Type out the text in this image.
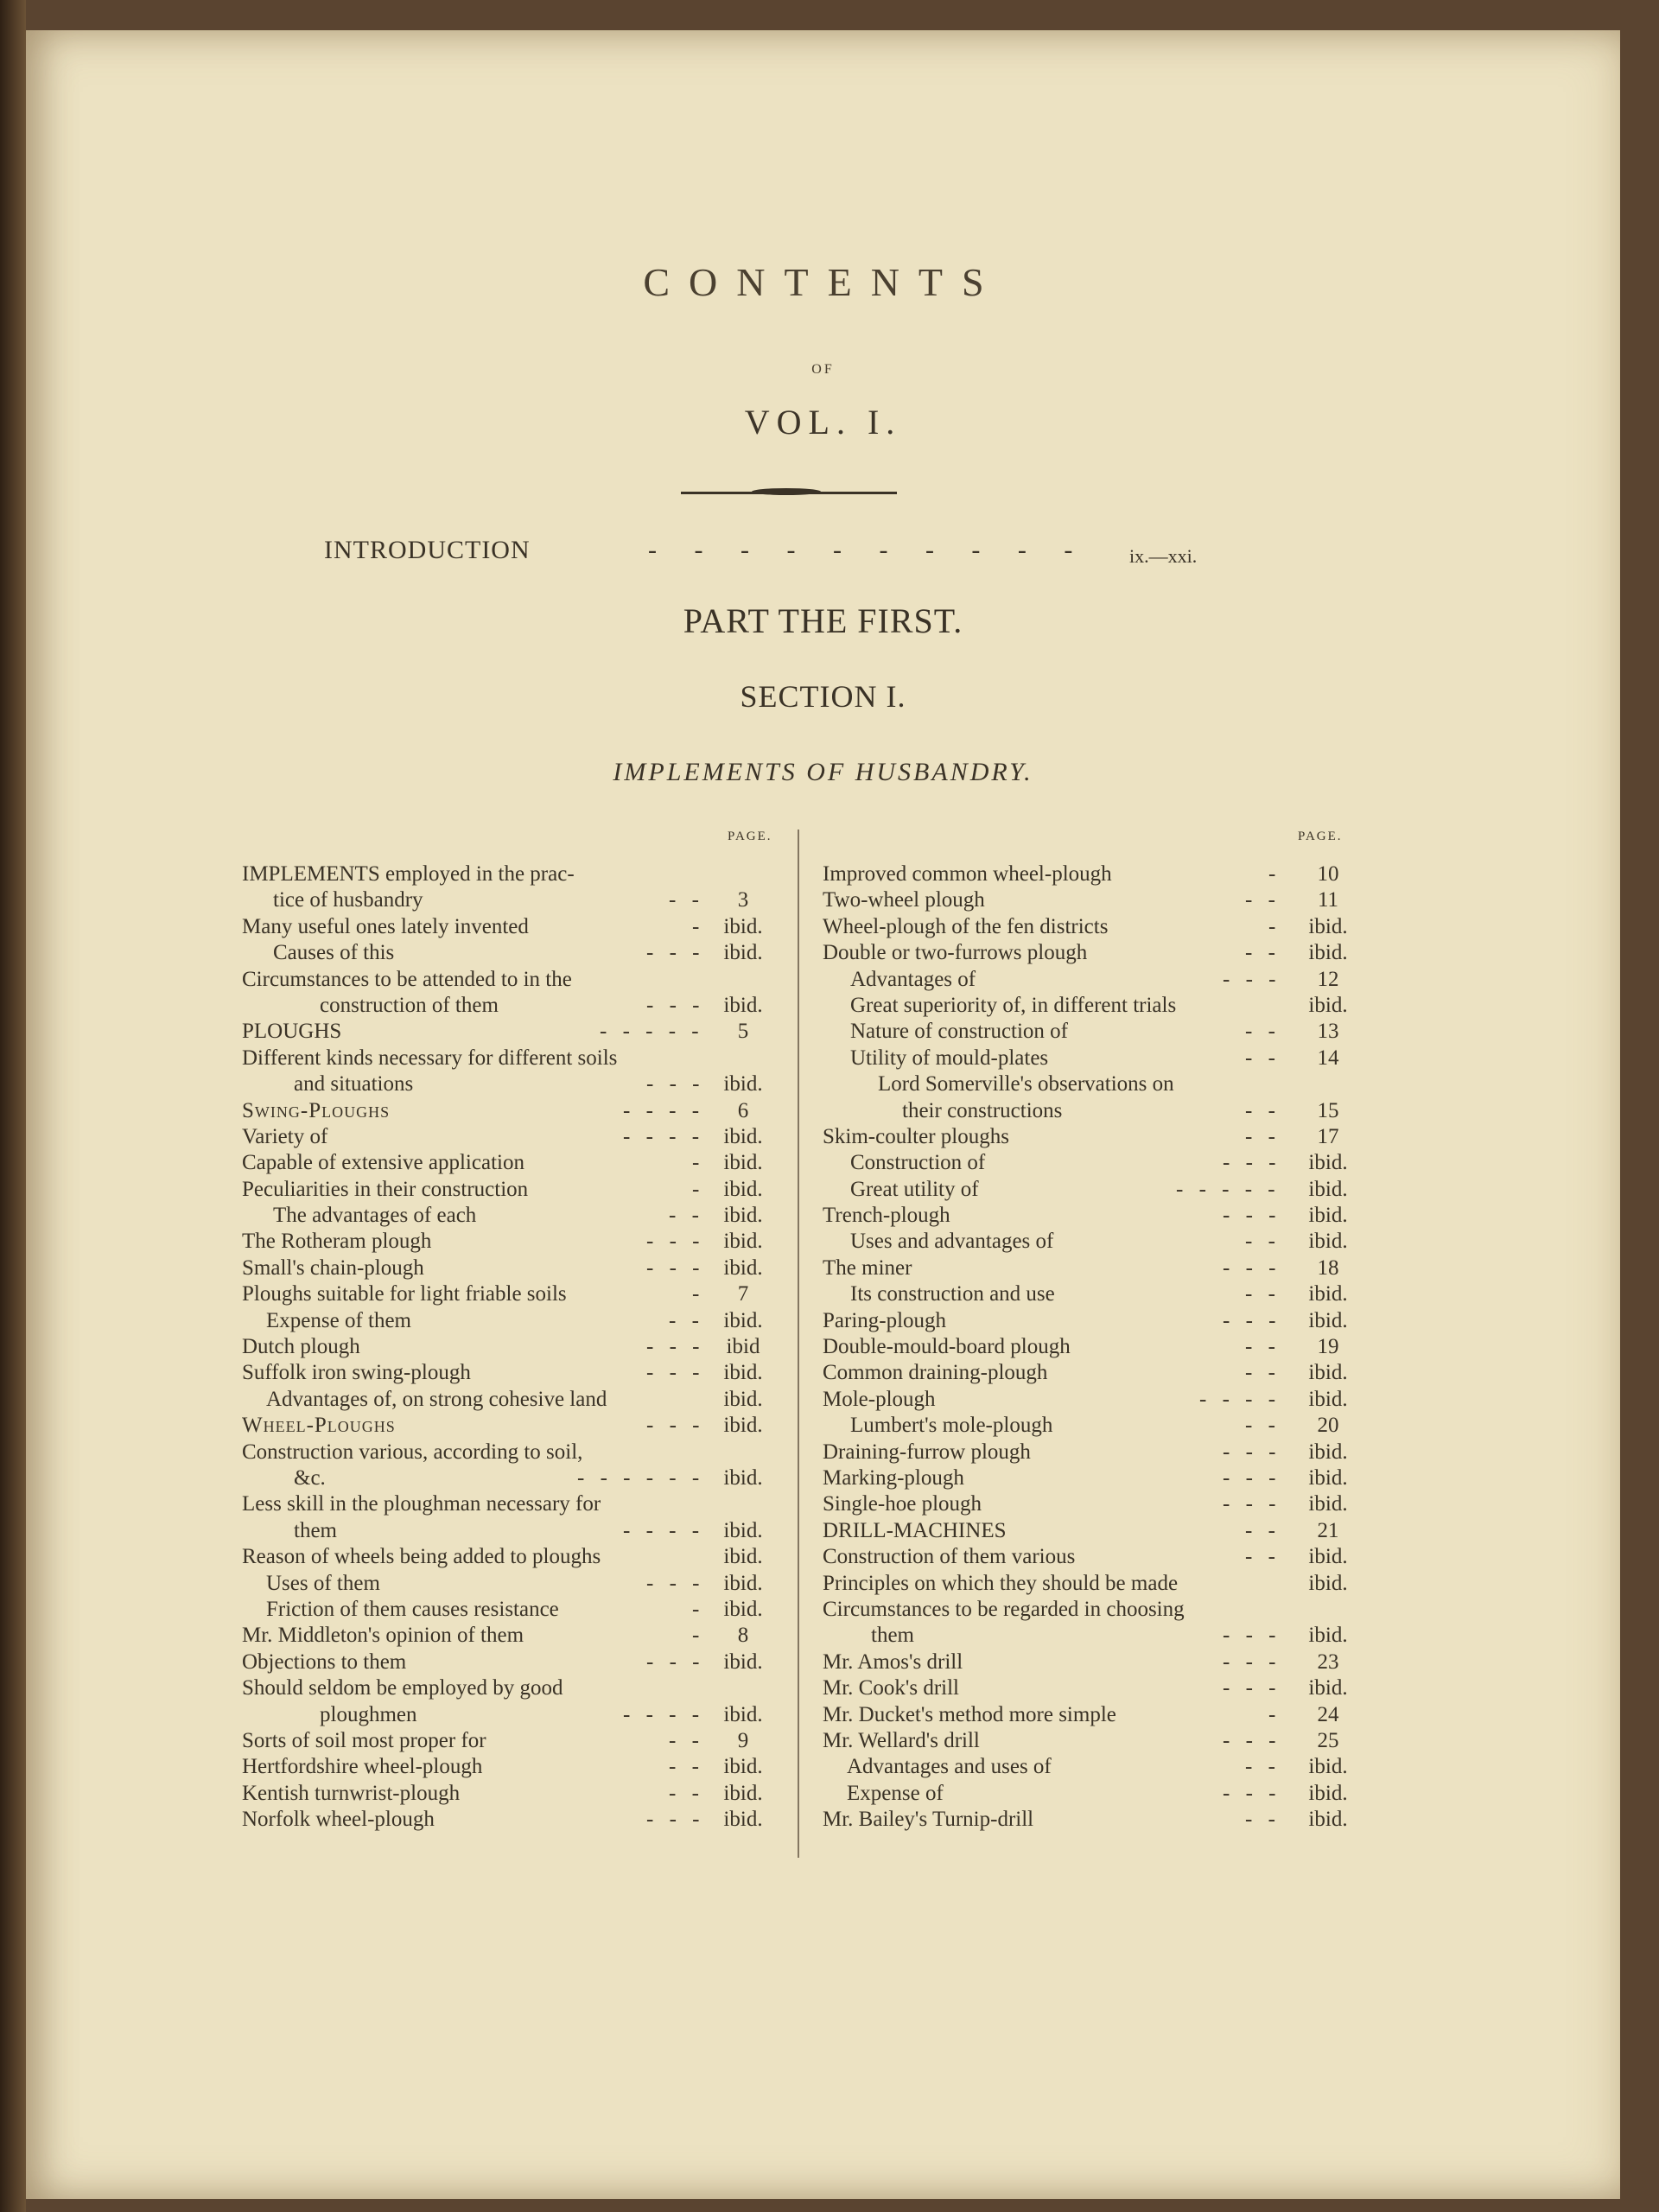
CONTENTS
OF
VOL. I.
INTRODUCTION	- - - - - - - - - - ix.—xxi.
PART THE FIRST.
SECTION I.
IMPLEMENTS OF HUSBANDRY.
PAGE.	PAGE.
IMPLEMENTS employed in the prac-
tice of husbandry	- -	3
Many useful ones lately invented	- ibid.
Causes of this	- - - ibid.
Circumstances to be attended to in the
construction of them	- - - ibid.
PLOUGHS	- - - - -	5
Different kinds necessary for different soils
and situations	- - - ibid.
Swing-Ploughs	- - - -	6
Variety of	- - - - ibid.
Capable of extensive application	- ibid.
Peculiarities in their construction	- ibid.
The advantages of each	- - ibid.
The Rotheram plough	- - - ibid.
Small's chain-plough	- - - ibid.
Ploughs suitable for light friable soils	-	7
Expense of them	- - ibid.
Dutch plough	- - -	ibid
Suffolk iron swing-plough	- - - ibid.
Advantages of, on strong cohesive land	ibid.
Wheel-Ploughs	- - - ibid.
Construction various, according to soil,
&c.	- - - - - - ibid.
Less skill in the ploughman necessary for
them	- - - - ibid.
Reason of wheels being added to ploughs	ibid.
Uses of them	- - - ibid.
Friction of them causes resistance	- ibid.
Mr. Middleton's opinion of them	-	8
Objections to them	- - - ibid.
Should seldom be employed by good
ploughmen	- - - - ibid.
Sorts of soil most proper for	- -	9
Hertfordshire wheel-plough	- - ibid.
Kentish turnwrist-plough	- - ibid.
Norfolk wheel-plough	- - - ibid.
Improved common wheel-plough	-	10
Two-wheel plough	- -	11
Wheel-plough of the fen districts	-	ibid.
Double or two-furrows plough	- -	ibid.
Advantages of	- - -	12
Great superiority of, in different trials	ibid.
Nature of construction of	- -	13
Utility of mould-plates	- -	14
Lord Somerville's observations on
their constructions	- -	15
Skim-coulter ploughs	- -	17
Construction of	- - -	ibid.
Great utility of	- - - - -	ibid.
Trench-plough	- - -	ibid.
Uses and advantages of	- -	ibid.
The miner	- - -	18
Its construction and use	- -	ibid.
Paring-plough	- - -	ibid.
Double-mould-board plough	- -	19
Common draining-plough	- -	ibid.
Mole-plough	- - - -	ibid.
Lumbert's mole-plough	- -	20
Draining-furrow plough	- - -	ibid.
Marking-plough	- - -	ibid.
Single-hoe plough	- - -	ibid.
DRILL-MACHINES	- -	21
Construction of them various	- -	ibid.
Principles on which they should be made	ibid.
Circumstances to be regarded in choosing
them	- - -	ibid.
Mr. Amos's drill	- - -	23
Mr. Cook's drill	- - -	ibid.
Mr. Ducket's method more simple	-	24
Mr. Wellard's drill	- - -	25
Advantages and uses of	- -	ibid.
Expense of	- - -	ibid.
Mr. Bailey's Turnip-drill	- -	ibid.
